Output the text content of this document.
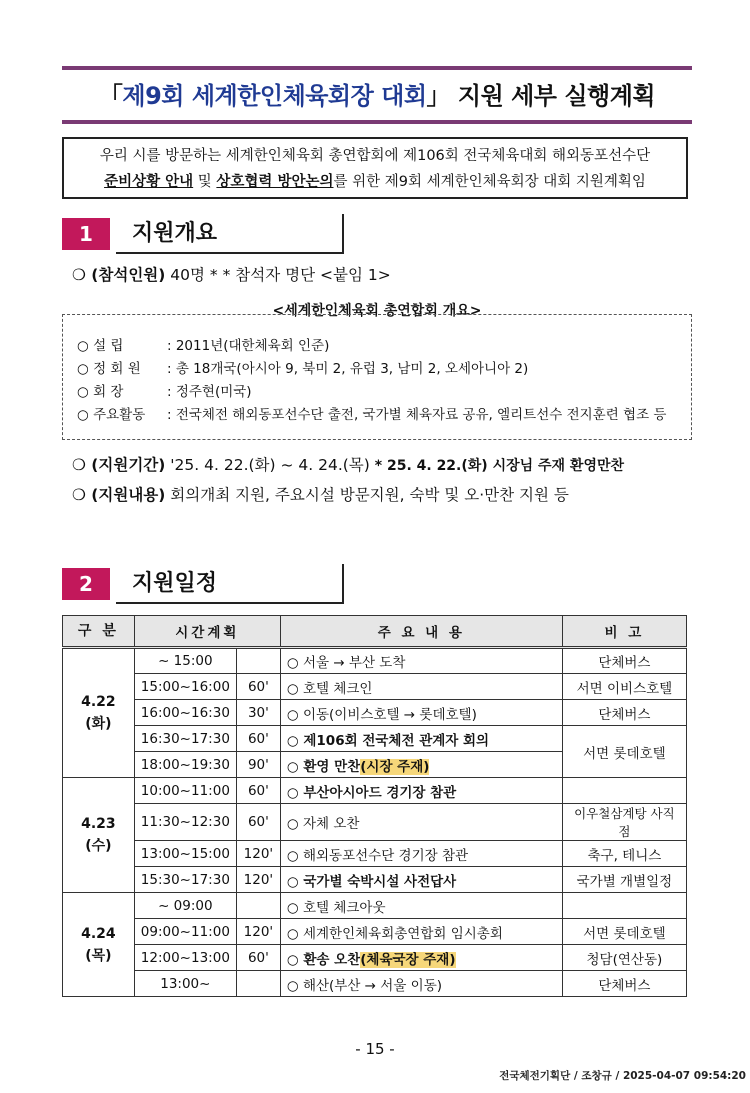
「제9회 세계한인체육회장 대회」 지원 세부 실행계획
우리 시를 방문하는 세계한인체육회 총연합회에 제106회 전국체육대회 해외동포선수단
준비상황 안내 및 상호협력 방안논의를 위한 제9회 세계한인체육회장 대회 지원계획임
1	지원개요
❍ (참석인원) 40명 * * 참석자 명단 <붙임 1>
<세계한인체육회 총연합회 개요>
○ 설 립	: 2011년(대한체육회 인준)
○ 정 회 원 : 총 18개국(아시아 9, 북미 2, 유럽 3, 남미 2, 오세아니아 2)
○ 회 장	: 정주현(미국)
○ 주요활동 : 전국체전 해외동포선수단 출전, 국가별 체육자료 공유, 엘리트선수 전지훈련 협조 등
❍ (지원기간) '25. 4. 22.(화) ~ 4. 24.(목) * 25. 4. 22.(화) 시장님 주재 환영만찬
❍ (지원내용) 회의개최 지원, 주요시설 방문지원, 숙박 및 오·만찬 지원 등
2	지원일정
구 분	시간계획		주 요 내 용	비 고

4.22
(화)	~ 15:00		○ 서울 → 부산 도착	단체버스
	15:00~16:00	60'	○ 호텔 체크인	서면 이비스호텔
	16:00~16:30	30'	○ 이동(이비스호텔 → 롯데호텔)	단체버스
	16:30~17:30	60'	○ 제106회 전국체전 관계자 회의	서면 롯데호텔
	18:00~19:30	90'	○ 환영 만찬(시장 주재)	

4.23
(수)	10:00~11:00	60'	○ 부산아시아드 경기장 참관	
	11:30~12:30	60'	○ 자체 오찬	이우철삼계탕 사직점
	13:00~15:00	120'	○ 해외동포선수단 경기장 참관	축구, 테니스
	15:30~17:30	120'	○ 국가별 숙박시설 사전답사	국가별 개별일정

4.24
(목)	~ 09:00		○ 호텔 체크아웃	
	09:00~11:00	120'	○ 세계한인체육회총연합회 임시총회	서면 롯데호텔
	12:00~13:00	60'	○ 환송 오찬(체육국장 주재)	청담(연산동)
	13:00~		○ 해산(부산 → 서울 이동)	단체버스
- 15 -
전국체전기획단 / 조창규 / 2025-04-07 09:54:20
